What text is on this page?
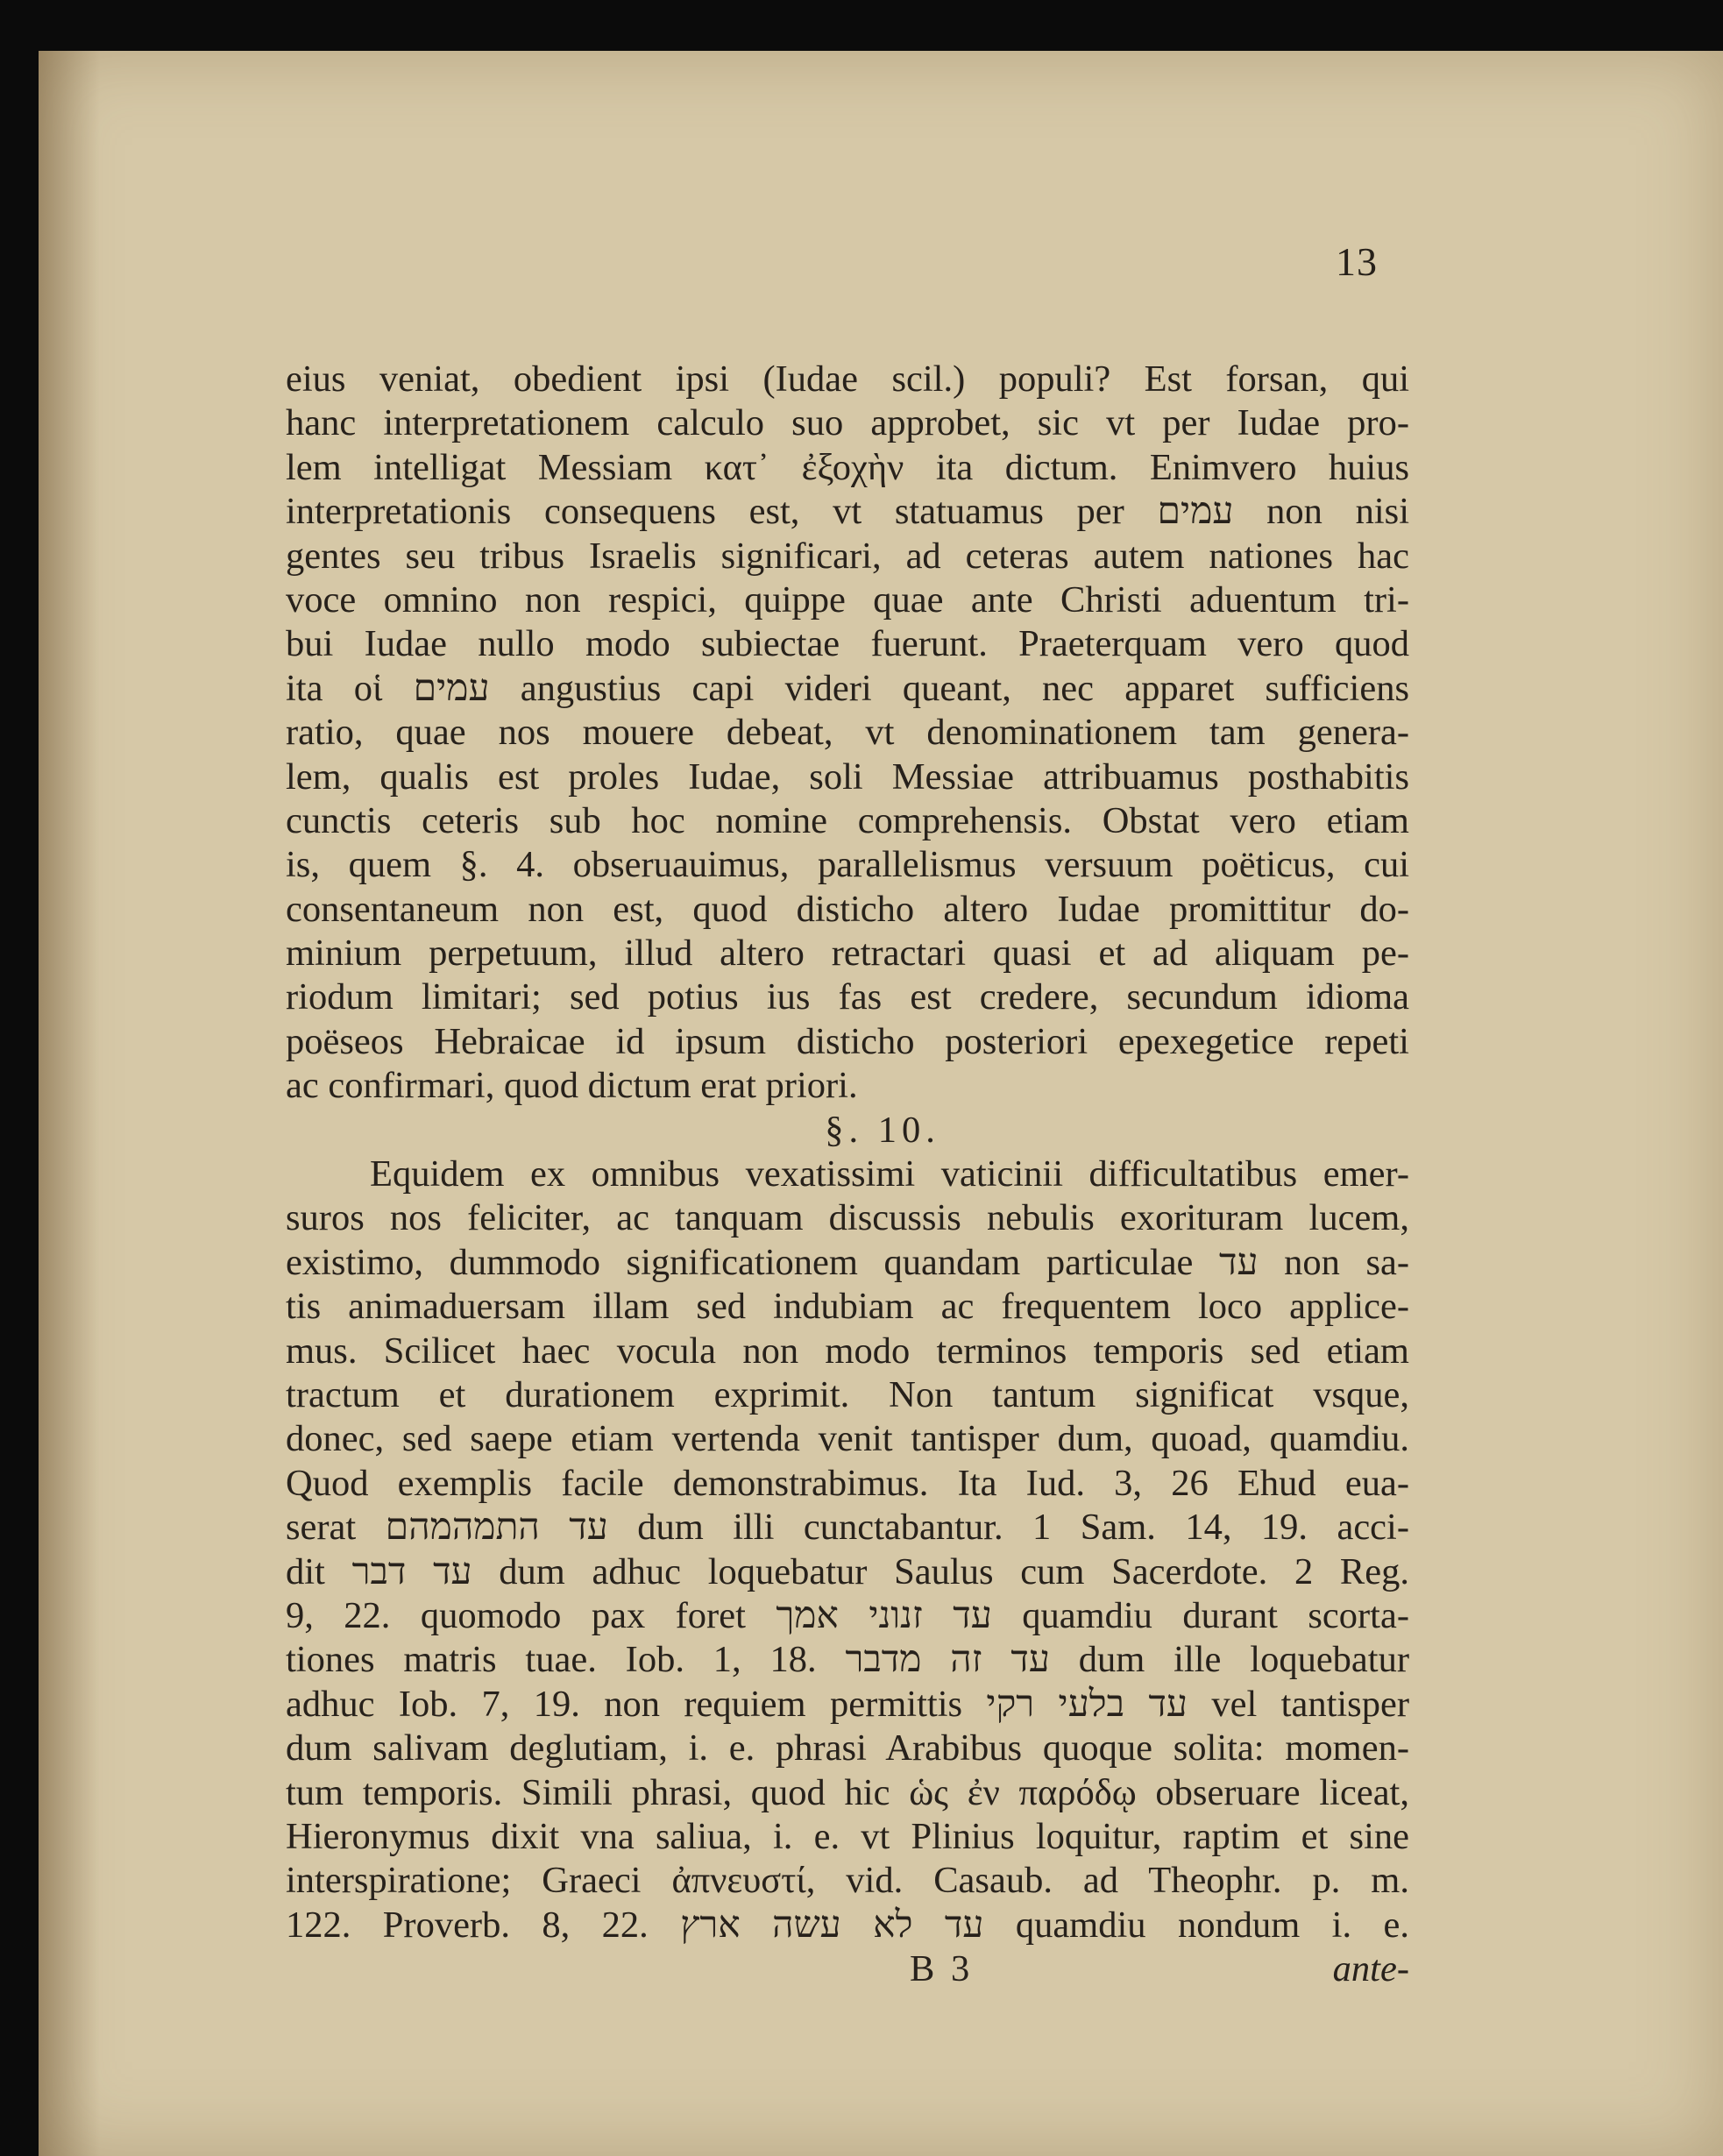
13
eius veniat, obedient ipsi (Iudae scil.) populi? Est forsan, qui
hanc interpretationem calculo suo approbet, sic vt per Iudae pro-
lem intelligat Messiam κατ᾽ ἐξοχὴν ita dictum. Enimvero huius
interpretationis consequens est, vt statuamus per עמים non nisi
gentes seu tribus Israelis significari, ad ceteras autem nationes hac
voce omnino non respici, quippe quae ante Christi aduentum tri-
bui Iudae nullo modo subiectae fuerunt. Praeterquam vero quod
ita οἱ עמים angustius capi videri queant, nec apparet sufficiens
ratio, quae nos mouere debeat, vt denominationem tam genera-
lem, qualis est proles Iudae, soli Messiae attribuamus posthabitis
cunctis ceteris sub hoc nomine comprehensis. Obstat vero etiam
is, quem §. 4. obseruauimus, parallelismus versuum poëticus, cui
consentaneum non est, quod disticho altero Iudae promittitur do-
minium perpetuum, illud altero retractari quasi et ad aliquam pe-
riodum limitari; sed potius ius fas est credere, secundum idioma
poëseos Hebraicae id ipsum disticho posteriori epexegetice repeti
ac confirmari, quod dictum erat priori.
§. 10.
Equidem ex omnibus vexatissimi vaticinii difficultatibus emer-
suros nos feliciter, ac tanquam discussis nebulis exorituram lucem,
existimo, dummodo significationem quandam particulae עד non sa-
tis animaduersam illam sed indubiam ac frequentem loco applice-
mus. Scilicet haec vocula non modo terminos temporis sed etiam
tractum et durationem exprimit. Non tantum significat vsque,
donec, sed saepe etiam vertenda venit tantisper dum, quoad, quamdiu.
Quod exemplis facile demonstrabimus. Ita Iud. 3, 26 Ehud eua-
serat עד התמהמהם dum illi cunctabantur. 1 Sam. 14, 19. acci-
dit עד דבר dum adhuc loquebatur Saulus cum Sacerdote. 2 Reg.
9, 22. quomodo pax foret עד זנוני אמך quamdiu durant scorta-
tiones matris tuae. Iob. 1, 18. עד זה מדבר dum ille loquebatur
adhuc Iob. 7, 19. non requiem permittis עד בלעי רקי vel tantisper
dum salivam deglutiam, i. e. phrasi Arabibus quoque solita: momen-
tum temporis. Simili phrasi, quod hic ὡς ἐν παρόδῳ obseruare liceat,
Hieronymus dixit vna saliua, i. e. vt Plinius loquitur, raptim et sine
interspiratione; Graeci ἀπνευστί, vid. Casaub. ad Theophr. p. m.
122. Proverb. 8, 22. עד לא עשה ארץ quamdiu nondum i. e.
B 3	ante-
